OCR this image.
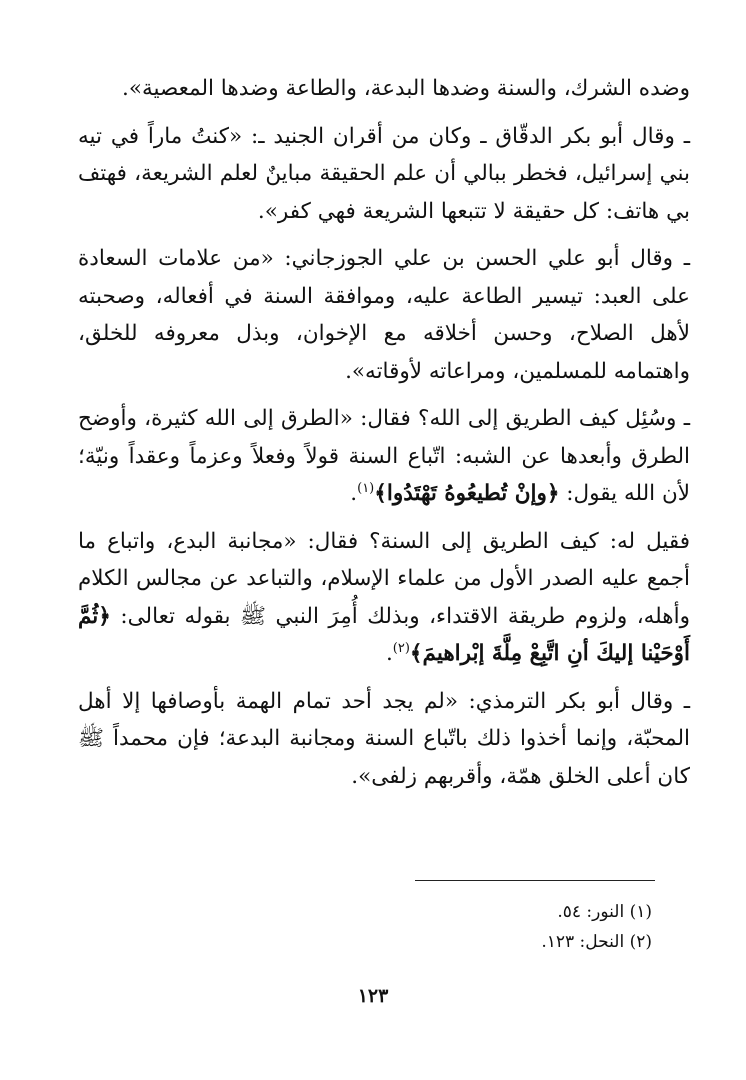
وضده الشرك، والسنة وضدها البدعة، والطاعة وضدها المعصية».

ـ وقال أبو بكر الدقّاق ـ وكان من أقران الجنيد ـ: «كنتُ ماراً في تيه بني إسرائيل، فخطر ببالي أن علم الحقيقة مباينٌ لعلم الشريعة، فهتف بي هاتف: كل حقيقة لا تتبعها الشريعة فهي كفر».

ـ وقال أبو علي الحسن بن علي الجوزجاني: «من علامات السعادة على العبد: تيسير الطاعة عليه، وموافقة السنة في أفعاله، وصحبته لأهل الصلاح، وحسن أخلاقه مع الإخوان، وبذل معروفه للخلق، واهتمامه للمسلمين، ومراعاته لأوقاته».

ـ وسُئِل كيف الطريق إلى الله؟ فقال: «الطرق إلى الله كثيرة، وأوضح الطرق وأبعدها عن الشبه: اتّباع السنة قولاً وفعلاً وعزماً وعقداً ونيّة؛ لأن الله يقول: ﴿وإنْ تُطيعُوهُ تَهْتَدُوا﴾$^{(١)}$.

فقيل له: كيف الطريق إلى السنة؟ فقال: «مجانبة البدع، واتباع ما أجمع عليه الصدر الأول من علماء الإسلام، والتباعد عن مجالس الكلام وأهله، ولزوم طريقة الاقتداء، وبذلك أُمِرَ النبي ﷺ بقوله تعالى: ﴿ثُمَّ أَوْحَيْنا إليكَ أنِ اتَّبِعْ مِلَّةَ إبْراهيمَ﴾$^{(٢)}$.

ـ وقال أبو بكر الترمذي: «لم يجد أحد تمام الهمة بأوصافها إلا أهل المحبّة، وإنما أخذوا ذلك باتّباع السنة ومجانبة البدعة؛ فإن محمداً ﷺ كان أعلى الخلق همّة، وأقربهم زلفى».

(١) النور: ٥٤.

(٢) النحل: ١٢٣.

١٢٣
